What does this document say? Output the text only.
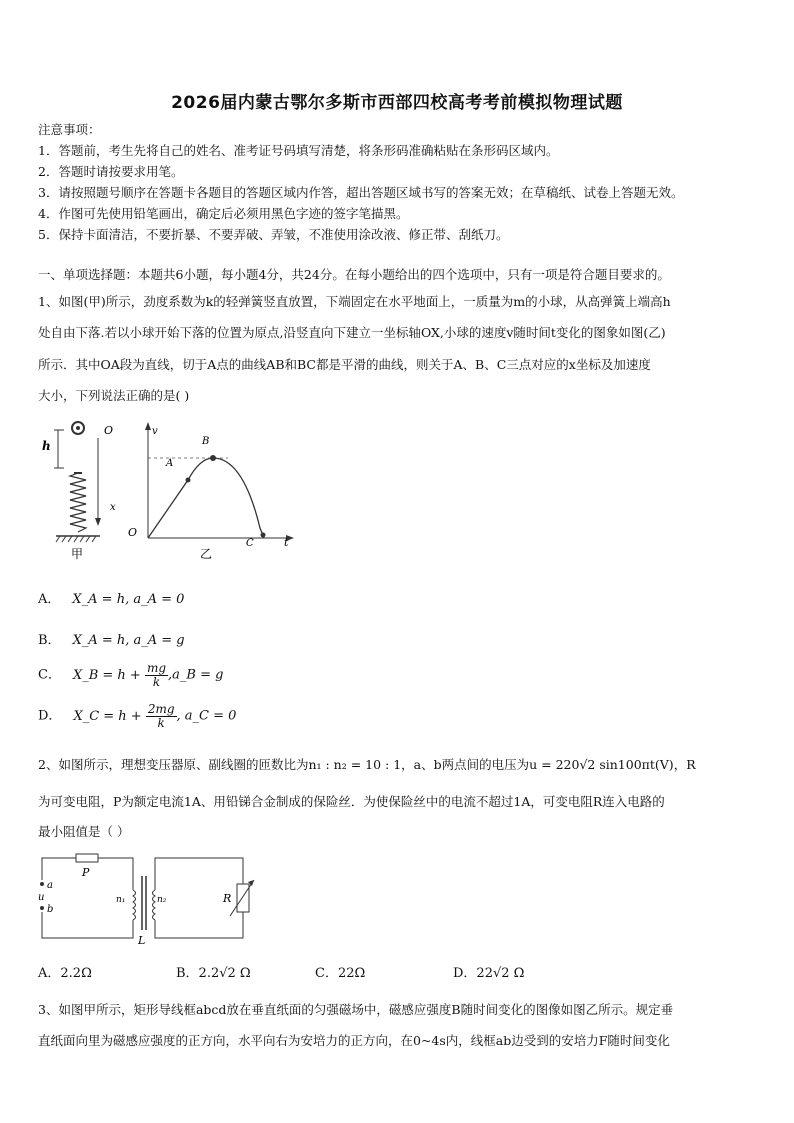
2026届内蒙古鄂尔多斯市西部四校高考考前模拟物理试题
注意事项：
1．答题前，考生先将自己的姓名、准考证号码填写清楚，将条形码准确粘贴在条形码区域内。
2．答题时请按要求用笔。
3．请按照题号顺序在答题卡各题目的答题区域内作答，超出答题区域书写的答案无效；在草稿纸、试卷上答题无效。
4．作图可先使用铅笔画出，确定后必须用黑色字迹的签字笔描黑。
5．保持卡面清洁，不要折暴、不要弄破、弄皱，不准使用涂改液、修正带、刮纸刀。
一、单项选择题：本题共6小题，每小题4分，共24分。在每小题给出的四个选项中，只有一项是符合题目要求的。
1、如图(甲)所示，劲度系数为k的轻弹簧竖直放置，下端固定在水平地面上，一质量为m的小球，从高弹簧上端高h
处自由下落.若以小球开始下落的位置为原点,沿竖直向下建立一坐标轴OX,小球的速度v随时间t变化的图象如图(乙)
所示．其中OA段为直线，切于A点的曲线AB和BC都是平滑的曲线，则关于A、B、C三点对应的x坐标及加速度
大小，下列说法正确的是( )
O
x
h
甲
v
O
t
A
B
C
乙
A． X_A = h, a_A = 0
B． X_A = h, a_A = g
C． X_B = $h + \frac{mg}{k}$ ,a_B = g
D． X_C = $h + \frac{2mg}{k}$ , a_C = 0
2、如图所示，理想变压器原、副线圈的匝数比为n₁ : n₂ = 10 : 1，a、b两点间的电压为u = 220√2 sin100πt(V)，R
为可变电阻，P为额定电流1A、用铅锑合金制成的保险丝．为使保险丝中的电流不超过1A，可变电阻R连入电路的
最小阻值是（ ）
P
a
u
b
n₁	n₂
L
R
A．2.2Ω	B．2.2√2 Ω	C．22Ω	D．22√2 Ω
3、如图甲所示，矩形导线框abcd放在垂直纸面的匀强磁场中，磁感应强度B随时间变化的图像如图乙所示。规定垂
直纸面向里为磁感应强度的正方向，水平向右为安培力的正方向，在0~4s内，线框ab边受到的安培力F随时间变化
